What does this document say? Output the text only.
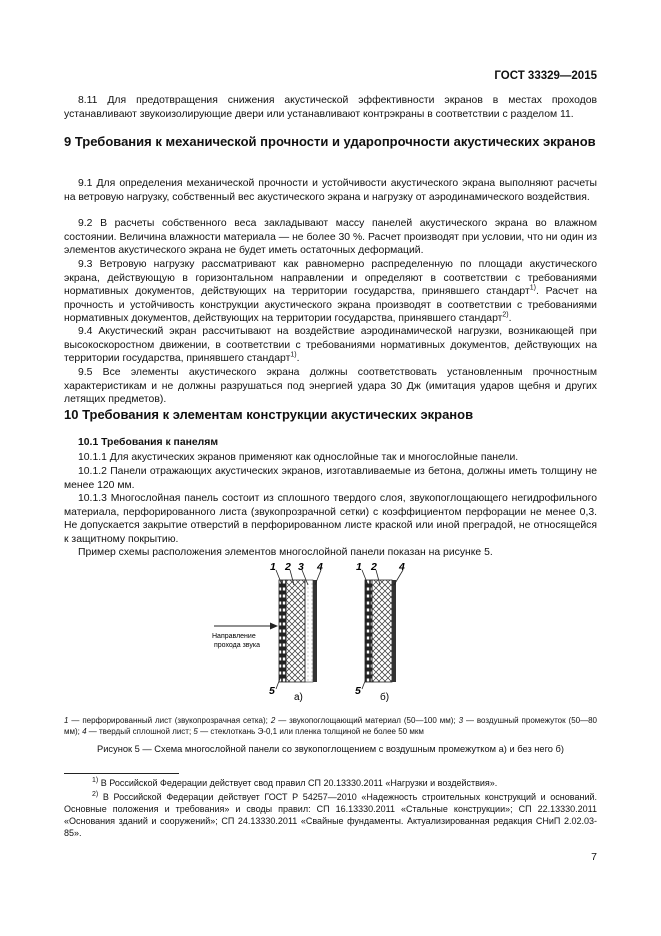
ГОСТ 33329—2015
8.11 Для предотвращения снижения акустической эффективности экранов в местах проходов устанавливают звукоизолирующие двери или устанавливают контрэкраны в соответствии с разделом 11.
9 Требования к механической прочности и ударопрочности акустических экранов
9.1 Для определения механической прочности и устойчивости акустического экрана выполняют расчеты на ветровую нагрузку, собственный вес акустического экрана и нагрузку от аэродинамического воздействия.
9.2 В расчеты собственного веса закладывают массу панелей акустического экрана во влажном состоянии. Величина влажности материала — не более 30 %. Расчет производят при условии, что ни один из элементов акустического экрана не будет иметь остаточных деформаций.
9.3 Ветровую нагрузку рассматривают как равномерно распределенную по площади акустического экрана, действующую в горизонтальном направлении и определяют в соответствии с требованиями нормативных документов, действующих на территории государства, принявшего стандарт$^{1)}$. Расчет на прочность и устойчивость конструкции акустического экрана производят в соответствии с требованиями нормативных документов, действующих на территории государства, принявшего стандарт$^{2)}$.
9.4 Акустический экран рассчитывают на воздействие аэродинамической нагрузки, возникающей при высокоскоростном движении, в соответствии с требованиями нормативных документов, действующих на территории государства, принявшего стандарт$^{1)}$.
9.5 Все элементы акустического экрана должны соответствовать установленным прочностным характеристикам и не должны разрушаться под энергией удара 30 Дж (имитация ударов щебня и других летящих предметов).
10 Требования к элементам конструкции акустических экранов
10.1 Требования к панелям
10.1.1 Для акустических экранов применяют как однослойные так и многослойные панели.
10.1.2 Панели отражающих акустических экранов, изготавливаемые из бетона, должны иметь толщину не менее 120 мм.
10.1.3 Многослойная панель состоит из сплошного твердого слоя, звукопоглощающего негидрофильного материала, перфорированного листа (звукопрозрачной сетки) с коэффициентом перфорации не менее 0,3. Не допускается закрытие отверстий в перфорированном листе краской или иной преградой, не относящейся к защитному покрытию.
Пример схемы расположения элементов многослойной панели показан на рисунке 5.
1 2 3 4
5
а)
1 2 4
5
б)
Направление
прохода звука
1 — перфорированный лист (звукопрозрачная сетка); 2 — звукопоглощающий материал (50—100 мм); 3 — воздушный промежуток (50—80 мм); 4 — твердый сплошной лист; 5 — стеклоткань Э-0,1 или пленка толщиной не более 50 мкм
Рисунок 5 — Схема многослойной панели со звукопоглощением с воздушным промежутком а) и без него б)
$^{1)}$ В Российской Федерации действует свод правил СП 20.13330.2011 «Нагрузки и воздействия».
$^{2)}$ В Российской Федерации действует ГОСТ Р 54257—2010 «Надежность строительных конструкций и оснований. Основные положения и требования» и своды правил: СП 16.13330.2011 «Стальные конструкции»; СП 22.13330.2011 «Основания зданий и сооружений»; СП 24.13330.2011 «Свайные фундаменты. Актуализированная редакция СНиП 2.02.03-85».
7
